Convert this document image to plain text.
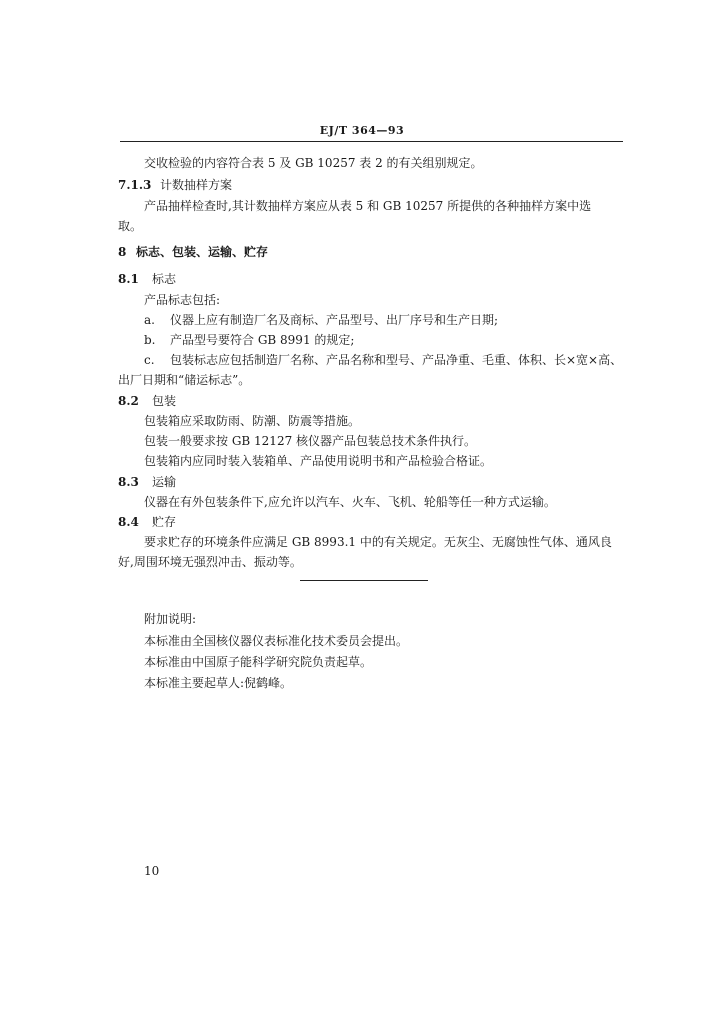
EJ/T 364—93
交收检验的内容符合表 5 及 GB 10257 表 2 的有关组别规定。
7.1.3 计数抽样方案
产品抽样检查时,其计数抽样方案应从表 5 和 GB 10257 所提供的各种抽样方案中选
取。
8 标志、包装、运输、贮存
8.1 标志
产品标志包括:
a. 仪器上应有制造厂名及商标、产品型号、出厂序号和生产日期;
b. 产品型号要符合 GB 8991 的规定;
c. 包装标志应包括制造厂名称、产品名称和型号、产品净重、毛重、体积、长×宽×高、
出厂日期和“储运标志”。
8.2 包装
包装箱应采取防雨、防潮、防震等措施。
包装一般要求按 GB 12127 核仪器产品包装总技术条件执行。
包装箱内应同时装入装箱单、产品使用说明书和产品检验合格证。
8.3 运输
仪器在有外包装条件下,应允许以汽车、火车、飞机、轮船等任一种方式运输。
8.4 贮存
要求贮存的环境条件应满足 GB 8993.1 中的有关规定。无灰尘、无腐蚀性气体、通风良
好,周围环境无强烈冲击、振动等。
附加说明:
本标准由全国核仪器仪表标准化技术委员会提出。
本标准由中国原子能科学研究院负责起草。
本标准主要起草人:倪鹤峰。
10
